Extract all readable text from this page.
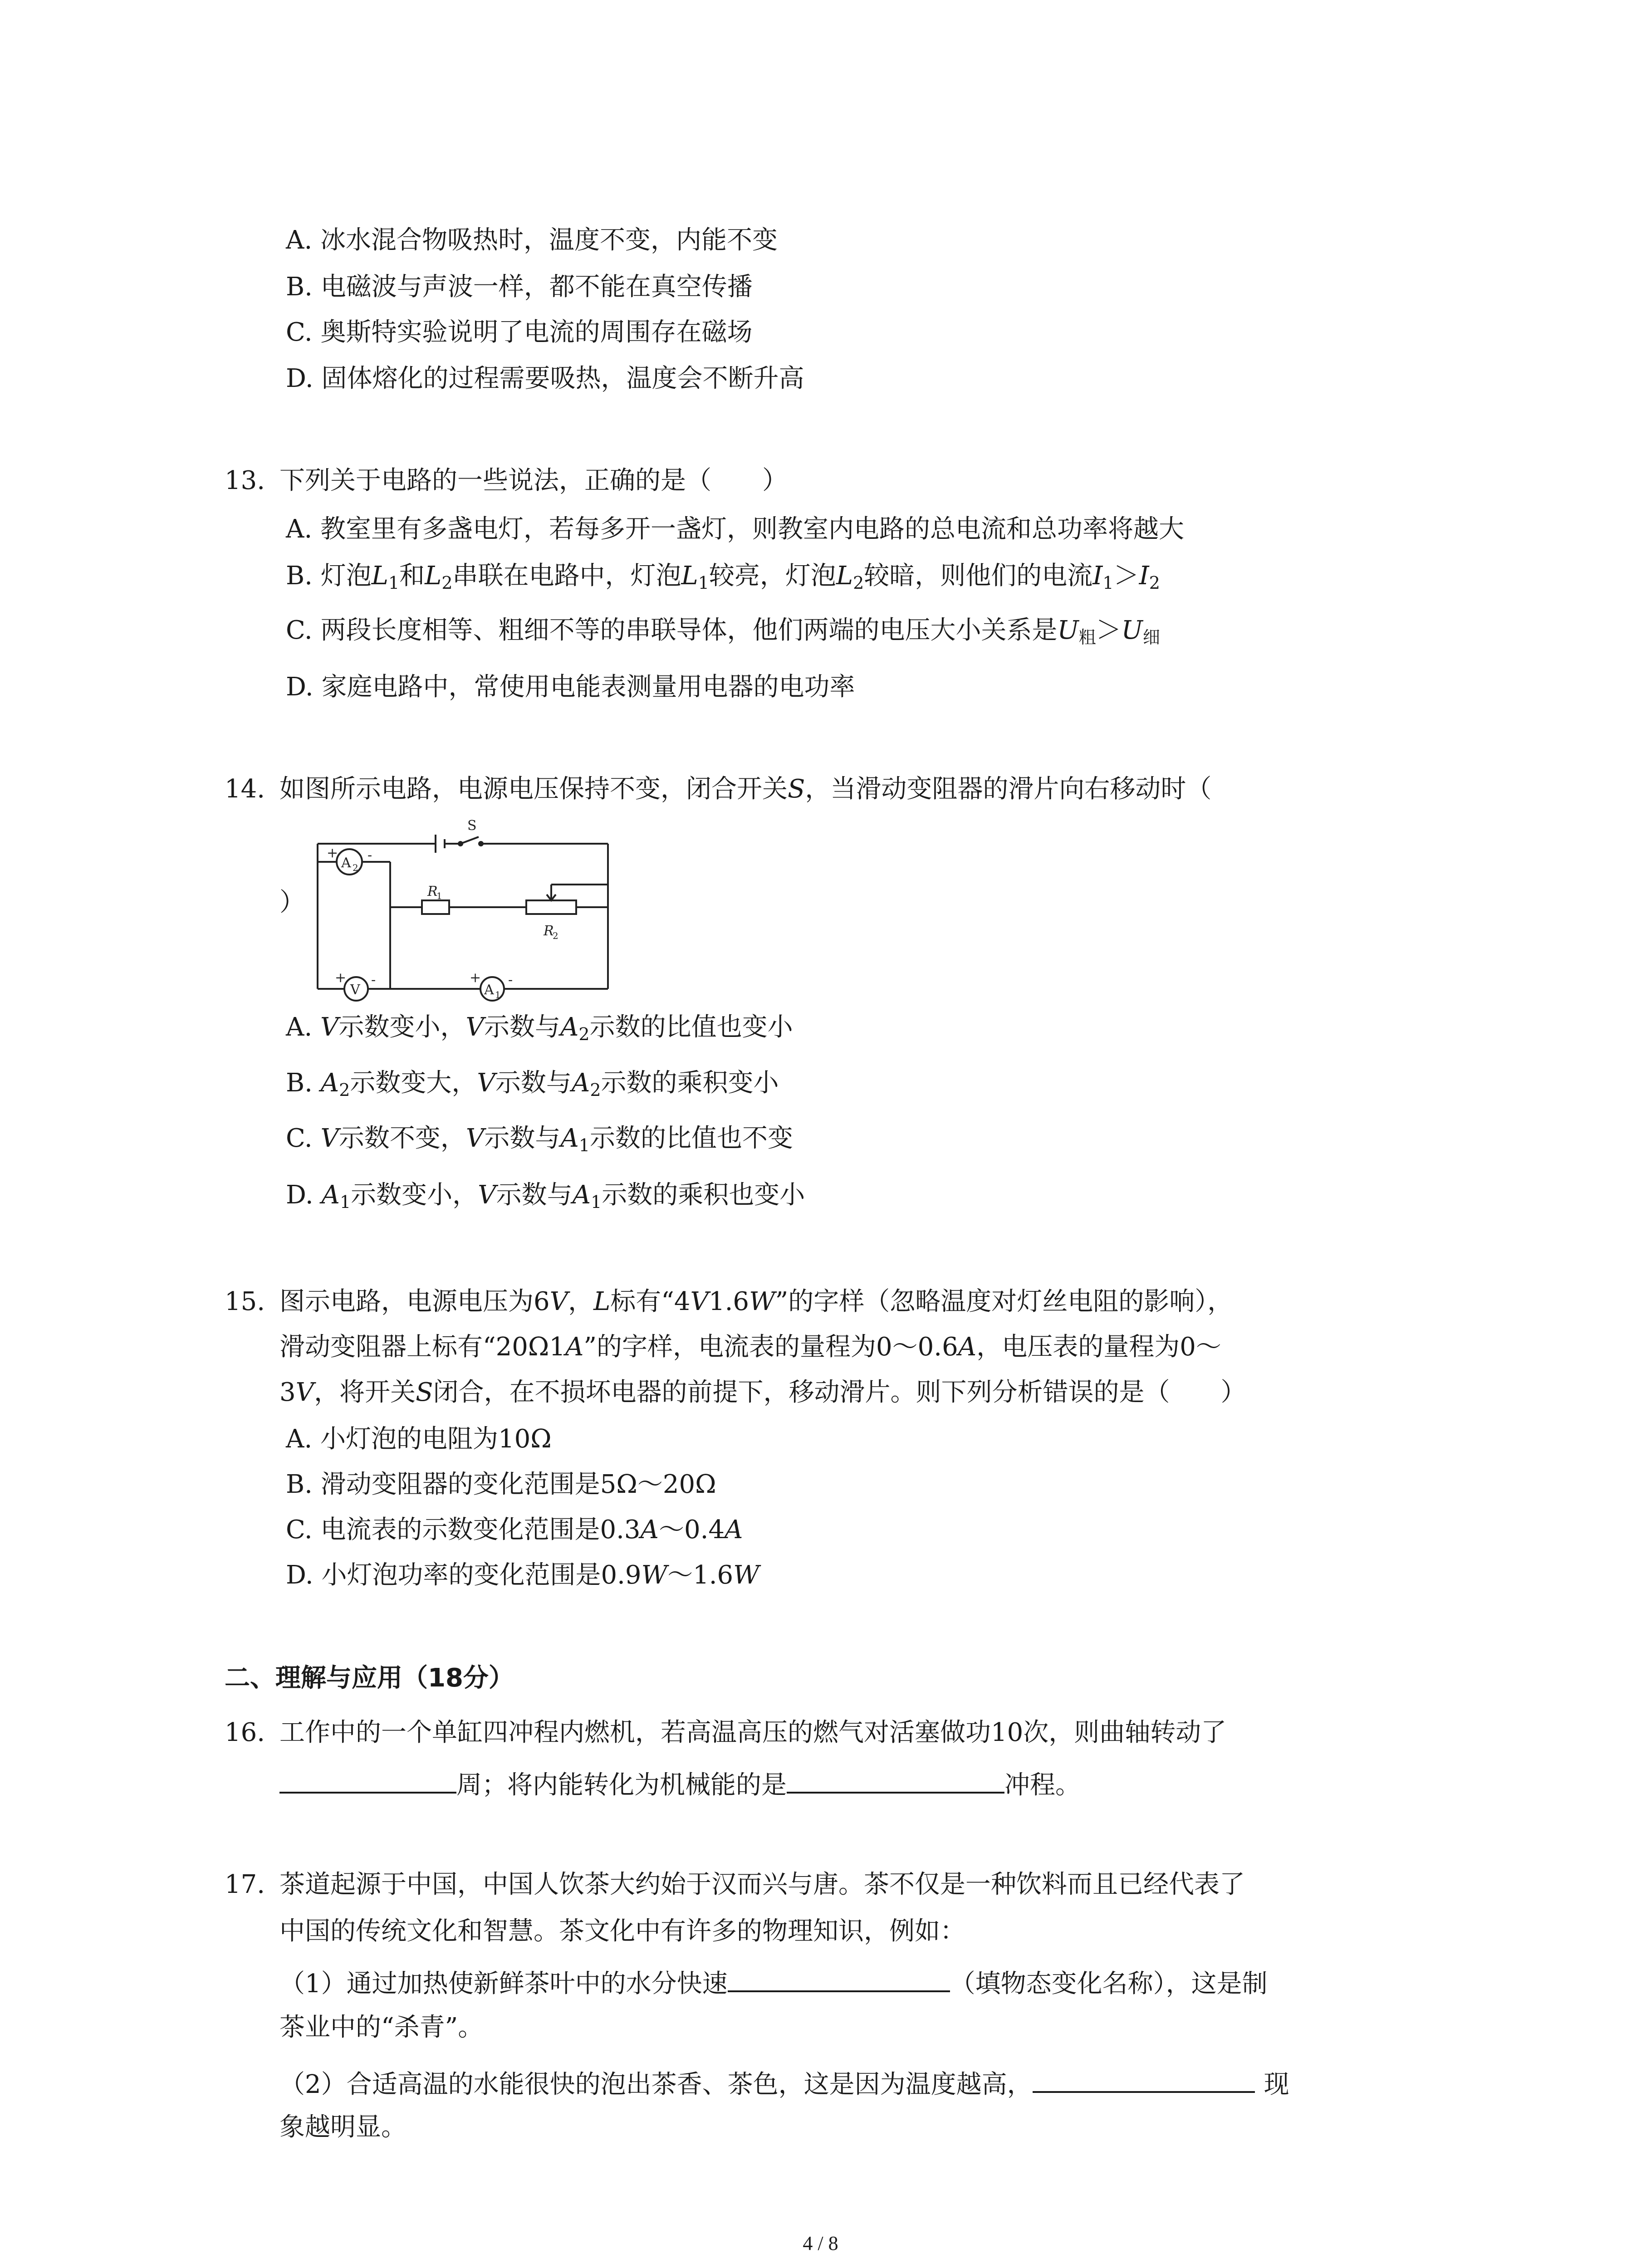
A. 冰水混合物吸热时，温度不变，内能不变
B. 电磁波与声波一样，都不能在真空传播
C. 奥斯特实验说明了电流的周围存在磁场
D. 固体熔化的过程需要吸热，温度会不断升高
13. 下列关于电路的一些说法，正确的是（　　）
A. 教室里有多盏电灯，若每多开一盏灯，则教室内电路的总电流和总功率将越大
B. 灯泡$L_1$和$L_2$串联在电路中，灯泡$L_1$较亮，灯泡$L_2$较暗，则他们的电流$I_1>I_2$
C. 两段长度相等、粗细不等的串联导体，他们两端的电压大小关系是$U_粗>U_细$
D. 家庭电路中，常使用电能表测量用电器的电功率
14. 如图所示电路，电源电压保持不变，闭合开关S，当滑动变阻器的滑片向右移动时（
）
S
A 2
+ -
V
+ -
A 1
+ -
R
1
R
2
A. V示数变小，V示数与$A_2$示数的比值也变小
B. $A_2$示数变大，V示数与$A_2$示数的乘积变小
C. V示数不变，V示数与$A_1$示数的比值也不变
D. $A_1$示数变小，V示数与$A_1$示数的乘积也变小
15. 图示电路，电源电压为6V，L标有“4V1.6W”的字样（忽略温度对灯丝电阻的影响），
滑动变阻器上标有“20Ω1A”的字样，电流表的量程为0～0.6A，电压表的量程为0～
3V，将开关S闭合，在不损坏电器的前提下，移动滑片。则下列分析错误的是（　　）
A. 小灯泡的电阻为10Ω
B. 滑动变阻器的变化范围是5Ω～20Ω
C. 电流表的示数变化范围是0.3A～0.4A
D. 小灯泡功率的变化范围是0.9W～1.6W
二、理解与应用（18分）
16. 工作中的一个单缸四冲程内燃机，若高温高压的燃气对活塞做功10次，则曲轴转动了
周；将内能转化为机械能的是	冲程。
17. 茶道起源于中国，中国人饮茶大约始于汉而兴与唐。茶不仅是一种饮料而且已经代表了
中国的传统文化和智慧。茶文化中有许多的物理知识，例如：
（1）通过加热使新鲜茶叶中的水分快速	（填物态变化名称），这是制
茶业中的“杀青”。
（2）合适高温的水能很快的泡出茶香、茶色，这是因为温度越高，	现
象越明显。
4 / 8
